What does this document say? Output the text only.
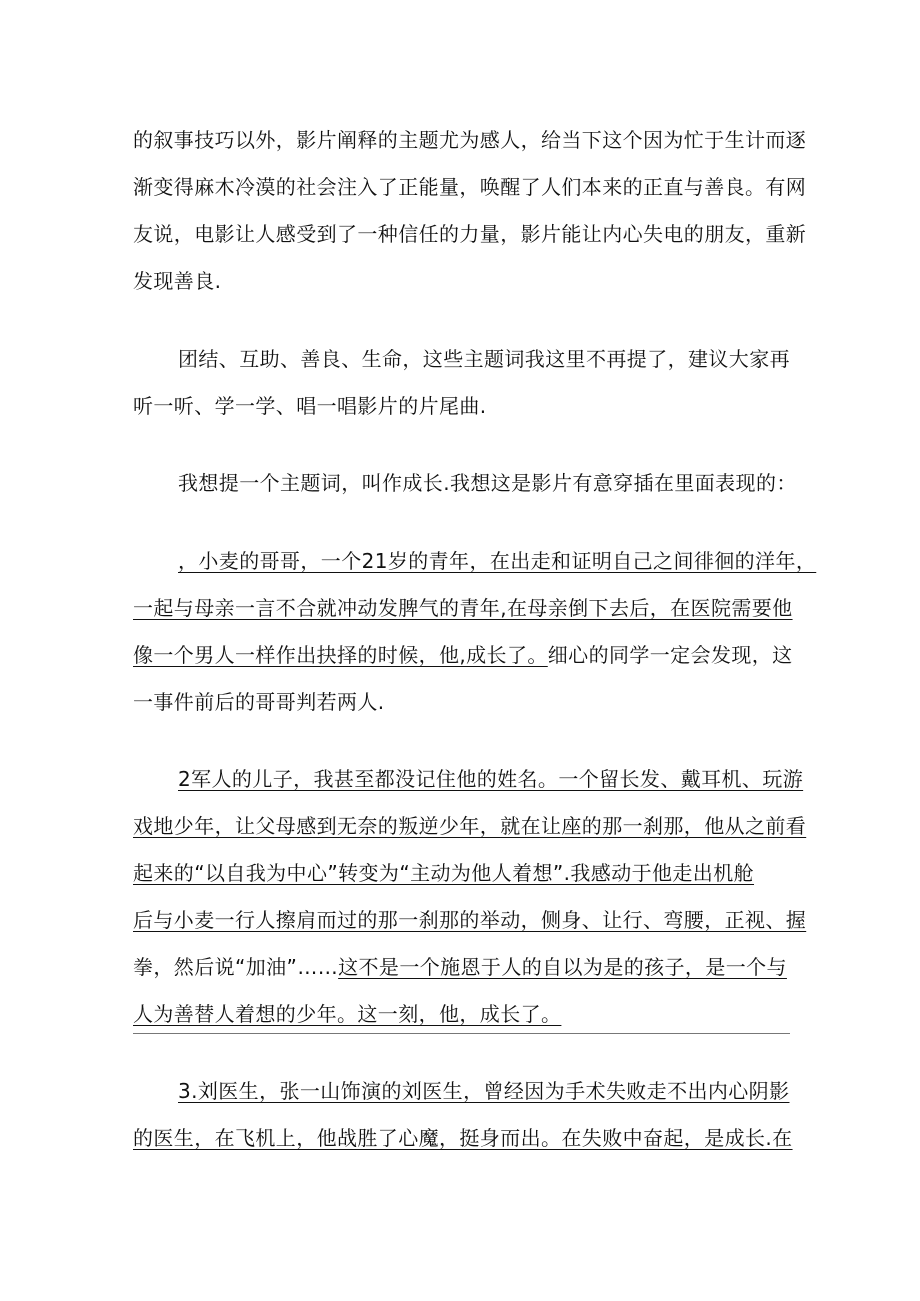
的叙事技巧以外，影片阐释的主题尤为感人，给当下这个因为忙于生计而逐
渐变得麻木冷漠的社会注入了正能量，唤醒了人们本来的正直与善良。有网
友说，电影让人感受到了一种信任的力量，影片能让内心失电的朋友，重新
发现善良.
团结、互助、善良、生命，这些主题词我这里不再提了，建议大家再
听一听、学一学、唱一唱影片的片尾曲.
我想提一个主题词，叫作成长.我想这是影片有意穿插在里面表现的：
，小麦的哥哥，一个21岁的青年，在出走和证明自己之间徘徊的洋年，
一起与母亲一言不合就冲动发脾气的青年,在母亲倒下去后，在医院需要他
像一个男人一样作出抉择的时候，他,成长了。细心的同学一定会发现，这
一事件前后的哥哥判若两人.
2军人的儿子，我甚至都没记住他的姓名。一个留长发、戴耳机、玩游
戏地少年，让父母感到无奈的叛逆少年，就在让座的那一刹那，他从之前看
起来的“以自我为中心”转变为“主动为他人着想”.我感动于他走出机舱
后与小麦一行人擦肩而过的那一刹那的举动，侧身、让行、弯腰，正视、握
拳，然后说“加油”……这不是一个施恩于人的自以为是的孩子，是一个与
人为善替人着想的少年。这一刻，他，成长了。
3.刘医生，张一山饰演的刘医生，曾经因为手术失败走不出内心阴影
的医生，在飞机上，他战胜了心魔，挺身而出。在失败中奋起，是成长.在
